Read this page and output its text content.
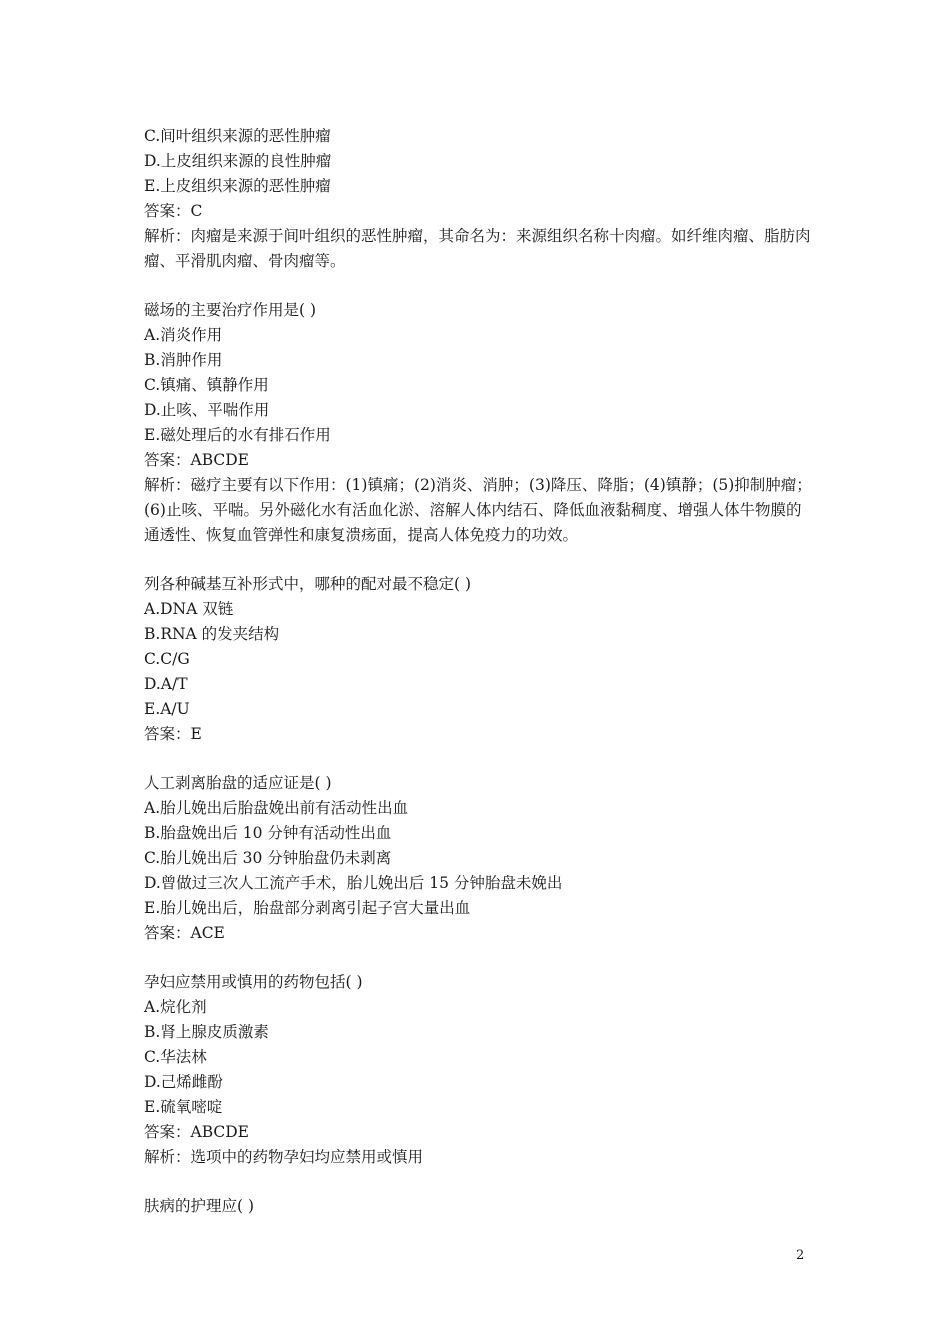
C.间叶组织来源的恶性肿瘤
D.上皮组织来源的良性肿瘤
E.上皮组织来源的恶性肿瘤
答案：C
解析：肉瘤是来源于间叶组织的恶性肿瘤，其命名为：来源组织名称十肉瘤。如纤维肉瘤、脂肪肉瘤、平滑肌肉瘤、骨肉瘤等。
磁场的主要治疗作用是( )
A.消炎作用
B.消肿作用
C.镇痛、镇静作用
D.止咳、平喘作用
E.磁处理后的水有排石作用
答案：ABCDE
解析：磁疗主要有以下作用：(1)镇痛；(2)消炎、消肿；(3)降压、降脂；(4)镇静；(5)抑制肿瘤；(6)止咳、平喘。另外磁化水有活血化淤、溶解人体内结石、降低血液黏稠度、增强人体牛物膜的通透性、恢复血管弹性和康复溃疡面，提高人体免疫力的功效。
列各种碱基互补形式中，哪种的配对最不稳定( )
A.DNA 双链
B.RNA 的发夹结构
C.C/G
D.A/T
E.A/U
答案：E
人工剥离胎盘的适应证是( )
A.胎儿娩出后胎盘娩出前有活动性出血
B.胎盘娩出后 10 分钟有活动性出血
C.胎儿娩出后 30 分钟胎盘仍未剥离
D.曾做过三次人工流产手术，胎儿娩出后 15 分钟胎盘未娩出
E.胎儿娩出后，胎盘部分剥离引起子宫大量出血
答案：ACE
孕妇应禁用或慎用的药物包括( )
A.烷化剂
B.肾上腺皮质激素
C.华法林
D.己烯雌酚
E.硫氧嘧啶
答案：ABCDE
解析：选项中的药物孕妇均应禁用或慎用
肤病的护理应( )
2
